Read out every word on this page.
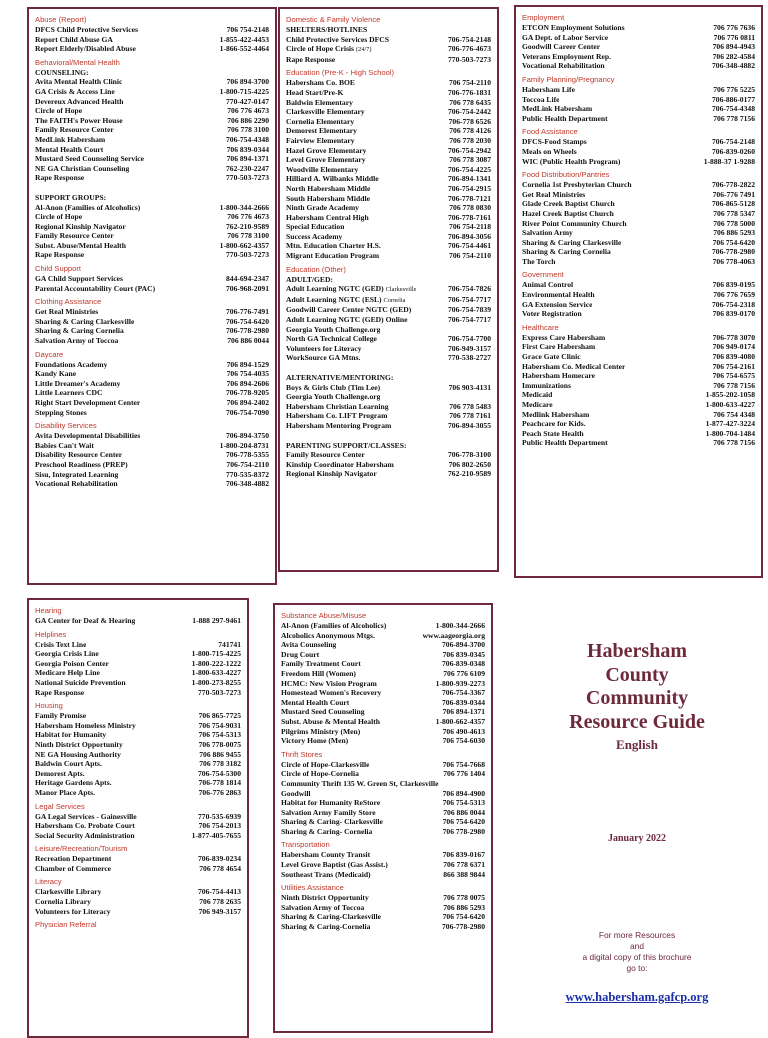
Abuse (Report)
DFCS Child Protective Services	706 754-2148
Report Child Abuse GA	1-855-422-4453
Report Elderly/Disabled Abuse	1-866-552-4464
Behavioral/Mental Health
COUNSELING:
Avita Mental Health Clinic	706 894-3700
GA Crisis & Access Line	1-800-715-4225
Devereux Advanced Health	770-427-0147
Circle of Hope	706 776 4673
The FAITH's Power House	706 886 2290
Family Resource Center	706 778 3100
MedLink Habersham	706-754-4348
Mental Health Court	706 839-0344
Mustard Seed Counseling Service	706 894-1371
NE GA Christian Counseling	762-230-2247
Rape Response	770-503-7273
SUPPORT GROUPS:
Al-Anon (Families of Alcoholics)	1-800-344-2666
Circle of Hope	706 776 4673
Regional Kinship Navigator	762-210-9589
Family Resource Center	706 778 3100
Subst. Abuse/Mental Health	1-800-662-4357
Rape Response	770-503-7273
Child Support
GA Child Support Services	844-694-2347
Parental Accountability Court (PAC)	706-968-2091
Clothing Assistance
Get Real Ministries	706-776-7491
Sharing & Caring Clarkesville	706-754-6420
Sharing & Caring Cornelia	706-778-2980
Salvation Army of Toccoa	706 886 0044
Daycare
Foundations Academy	706 894-1529
Kandy Kane	706 754-4035
Little Dreamer's Academy	706 894-2606
Little Learners CDC	706-778-9205
Right Start Development Center	706 894-2402
Stepping Stones	706-754-7090
Disability Services
Avita Developmental Disabilities	706-894-3750
Babies Can't Wait	1-800-204-8731
Disability Resource Center	706-778-5355
Preschool Readiness (PREP)	706-754-2110
Sisu, Integrated Learning	770-535-8372
Vocational Rehabilitation	706-348-4882
Domestic & Family Violence
SHELTERS/HOTLINES
Child Protective Services DFCS	706-754-2148
Circle of Hope Crisis (24/7)	706-776-4673
Rape Response	770-503-7273
Education (Pre-K - High School)
Habersham Co. BOE	706 754-2110
Head Start/Pre-K	706-776-1831
Baldwin Elementary	706 778 6435
Clarkesville Elementary	706-754-2442
Cornelia Elementary	706-778 6526
Demorest Elementary	706 778 4126
Fairview Elementary	706 778 2030
Hazel Grove Elementary	706-754-2942
Level Grove Elementary	706 778 3087
Woodville Elementary	706-754-4225
Hilliard A. Wilbanks Middle	706-894-1341
North Habersham Middle	706-754-2915
South Habersham Middle	706-778-7121
Ninth Grade Academy	706 778 0830
Habersham Central High	706-778-7161
Special Education	706 754-2118
Success Academy	706-894-3056
Mtn. Education Charter H.S.	706-754-4461
Migrant Education Program	706 754-2110
Education (Other)
ADULT/GED:
Adult Learning NGTC (GED) Clarkesville	706-754-7826
Adult Learning NGTC (ESL) Cornelia	706-754-7717
Goodwill Career Center NGTC (GED)	706-754-7839
Adult Learning NGTC (GED) Online	706-754-7717
Georgia Youth Challenge.org
North GA Technical College	706-754-7700
Volunteers for Literacy	706-949-3157
WorkSource GA Mtns.	770-538-2727
ALTERNATIVE/MENTORING:
Boys & Girls Club (Tim Lee)	706 903-4131
Georgia Youth Challenge.org
Habersham Christian Learning	706 778 5483
Habersham Co. LIFT Program	706 778 7161
Habersham Mentoring Program	706-894-3055
PARENTING SUPPORT/CLASSES:
Family Resource Center	706-778-3100
Kinship Coordinator Habersham	706 802-2650
Regional Kinship Navigator	762-210-9589
Employment
ETCON Employment Solutions	706 776 7636
GA Dept. of Labor Service	706 776 0811
Goodwill Career Center	706 894-4943
Veterans Employment Rep.	706 282-4584
Vocational Rehabilitation	706-348-4882
Family Planning/Pregnancy
Habersham Life	706 776 5225
Toccoa Life	706-886-0177
MedLink Habersham	706-754-4348
Public Health Department	706 778 7156
Food Assistance
DFCS-Food Stamps	706-754-2148
Meals on Wheels	706-839-0260
WIC (Public Health Program)	1-888-37 1-9288
Food Distribution/Pantries
Cornelia 1st Presbyterian Church	706-778-2822
Get Real Ministries	706-776 7491
Glade Creek Baptist Church	706-865-5128
Hazel Creek Baptist Church	706 778 5347
River Point Community Church	706 778 5000
Salvation Army	706 886 5293
Sharing & Caring Clarkesville	706 754-6420
Sharing & Caring Cornelia	706-778-2980
The Torch	706 778-4063
Government
Animal Control	706 839-0195
Environmental Health	706 776 7659
GA Extension Service	706-754-2318
Voter Registration	706 839-0170
Healthcare
Express Care Habersham	706-778 3070
First Care Habersham	706 949-0174
Grace Gate Clinic	706 839-4080
Habersham Co. Medical Center	706 754-2161
Habersham Homecare	706 754-6575
Immunizations	706 778 7156
Medicaid	1-855-202-1058
Medicare	1-800-633-4227
Medlink Habersham	706 754 4348
Peachcare for Kids.	1-877-427-3224
Peach State Health	1-800-704-1484
Public Health Department	706 778 7156
Hearing
GA Center for Deaf & Hearing	1-888 297-9461
Helplines
Crisis Text Line	741741
Georgia Crisis Line	1-800-715-4225
Georgia Poison Center	1-800-222-1222
Medicare Help Line	1-800-633-4227
National Suicide Prevention	1-800-273-8255
Rape Response	770-503-7273
Housing
Family Promise	706 865-7725
Habersham Homeless Ministry	706 754-9031
Habitat for Humanity	706 754-5313
Ninth District Opportunity	706 778-0075
NE GA Housing Authority	706 886 9455
Baldwin Court Apts.	706 778 3182
Demorest Apts.	706-754-5300
Heritage Gardens Apts.	706-778 1814
Manor Place Apts.	706-776 2863
Legal Services
GA Legal Services - Gainesville	770-535-6939
Habersham Co. Probate Court	706 754-2013
Social Security Administration	1-877-405-7655
Leisure/Recreation/Tourism
Recreation Department	706-839-0234
Chamber of Commerce	706 778 4654
Literacy
Clarkesville Library	706-754-4413
Cornelia Library	706 778 2635
Volunteers for Literacy	706 949-3157
Physician Referral
Substance Abuse/Misuse
Al-Anon (Families of Alcoholics)	1-800-344-2666
Alcoholics Anonymous Mtgs.	www.aageorgia.org
Avita Counseling	706-894-3700
Drug Court	706 839-0345
Family Treatment Court	706-839-0348
Freedom Hill (Women)	706 776 6109
HCMC: New Vision Program	1-800-939-2273
Homestead Women's Recovery	706-754-3367
Mental Health Court	706-839-0344
Mustard Seed Counseling	706 894-1371
Subst. Abuse & Mental Health	1-800-662-4357
Pilgrims Ministry (Men)	706 490-4613
Victory Home (Men)	706 754-6030
Thrift Stores
Circle of Hope-Clarkesville	706 754-7668
Circle of Hope-Cornelia	706 776 1404
Community Thrift 135 W. Green St, Clarkesville
Goodwill	706 894-4900
Habitat for Humanity ReStore	706 754-5313
Salvation Army Family Store	706 886 0044
Sharing & Caring- Clarkesville	706 754-6420
Sharing & Caring- Cornelia	706 778-2980
Transportation
Habersham County Transit	706 839-0167
Level Grove Baptist (Gas Assist.)	706 778 6371
Southeast Trans (Medicaid)	866 388 9844
Utilities Assistance
Ninth District Opportunity	706 778 0075
Salvation Army of Toccoa	706 886 5293
Sharing & Caring-Clarkesville	706 754-6420
Sharing & Caring-Cornelia	706-778-2980
Habersham
County
Community
Resource Guide
English
January 2022
For more Resources
and
a digital copy of this brochure
go to:
www.habersham.gafcp.org
